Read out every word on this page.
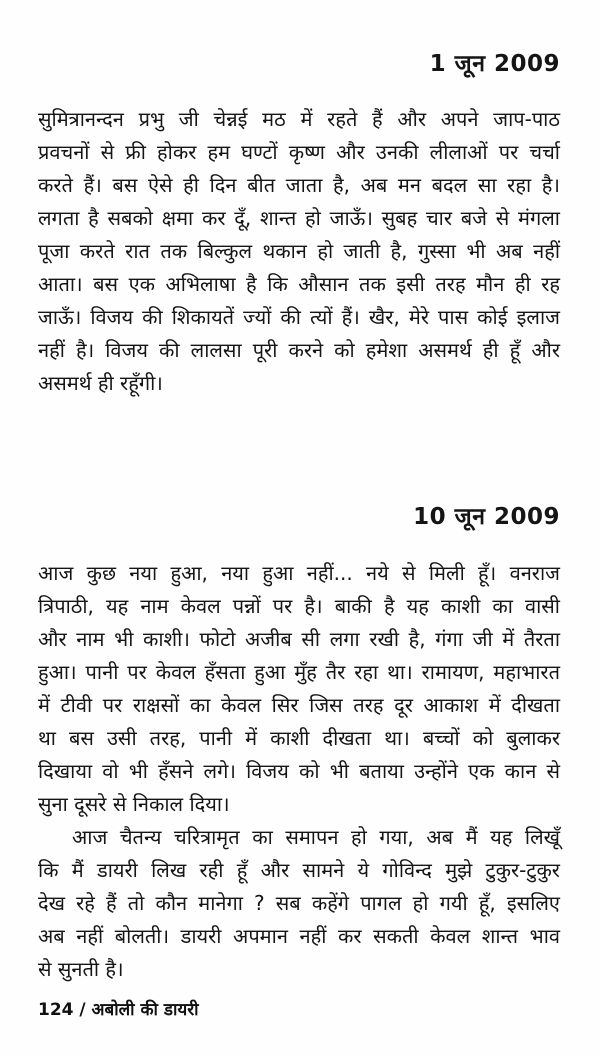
1 जून 2009
सुमित्रानन्दन प्रभु जी चेन्नई मठ में रहते हैं और अपने जाप-पाठ
प्रवचनों से फ्री होकर हम घण्टों कृष्ण और उनकी लीलाओं पर चर्चा
करते हैं। बस ऐसे ही दिन बीत जाता है, अब मन बदल सा रहा है।
लगता है सबको क्षमा कर दूँ, शान्त हो जाऊँ। सुबह चार बजे से मंगला
पूजा करते रात तक बिल्कुल थकान हो जाती है, गुस्सा भी अब नहीं
आता। बस एक अभिलाषा है कि औसान तक इसी तरह मौन ही रह
जाऊँ। विजय की शिकायतें ज्यों की त्यों हैं। खैर, मेरे पास कोई इलाज
नहीं है। विजय की लालसा पूरी करने को हमेशा असमर्थ ही हूँ और
असमर्थ ही रहूँगी।
10 जून 2009
आज कुछ नया हुआ, नया हुआ नहीं... नये से मिली हूँ। वनराज
त्रिपाठी, यह नाम केवल पन्नों पर है। बाकी है यह काशी का वासी
और नाम भी काशी। फोटो अजीब सी लगा रखी है, गंगा जी में तैरता
हुआ। पानी पर केवल हँसता हुआ मुँह तैर रहा था। रामायण, महाभारत
में टीवी पर राक्षसों का केवल सिर जिस तरह दूर आकाश में दीखता
था बस उसी तरह, पानी में काशी दीखता था। बच्चों को बुलाकर
दिखाया वो भी हँसने लगे। विजय को भी बताया उन्होंने एक कान से
सुना दूसरे से निकाल दिया।
आज चैतन्य चरित्रामृत का समापन हो गया, अब मैं यह लिखूँ
कि मैं डायरी लिख रही हूँ और सामने ये गोविन्द मुझे टुकुर-टुकुर
देख रहे हैं तो कौन मानेगा ? सब कहेंगे पागल हो गयी हूँ, इसलिए
अब नहीं बोलती। डायरी अपमान नहीं कर सकती केवल शान्त भाव
से सुनती है।
124 / अबोली की डायरी
